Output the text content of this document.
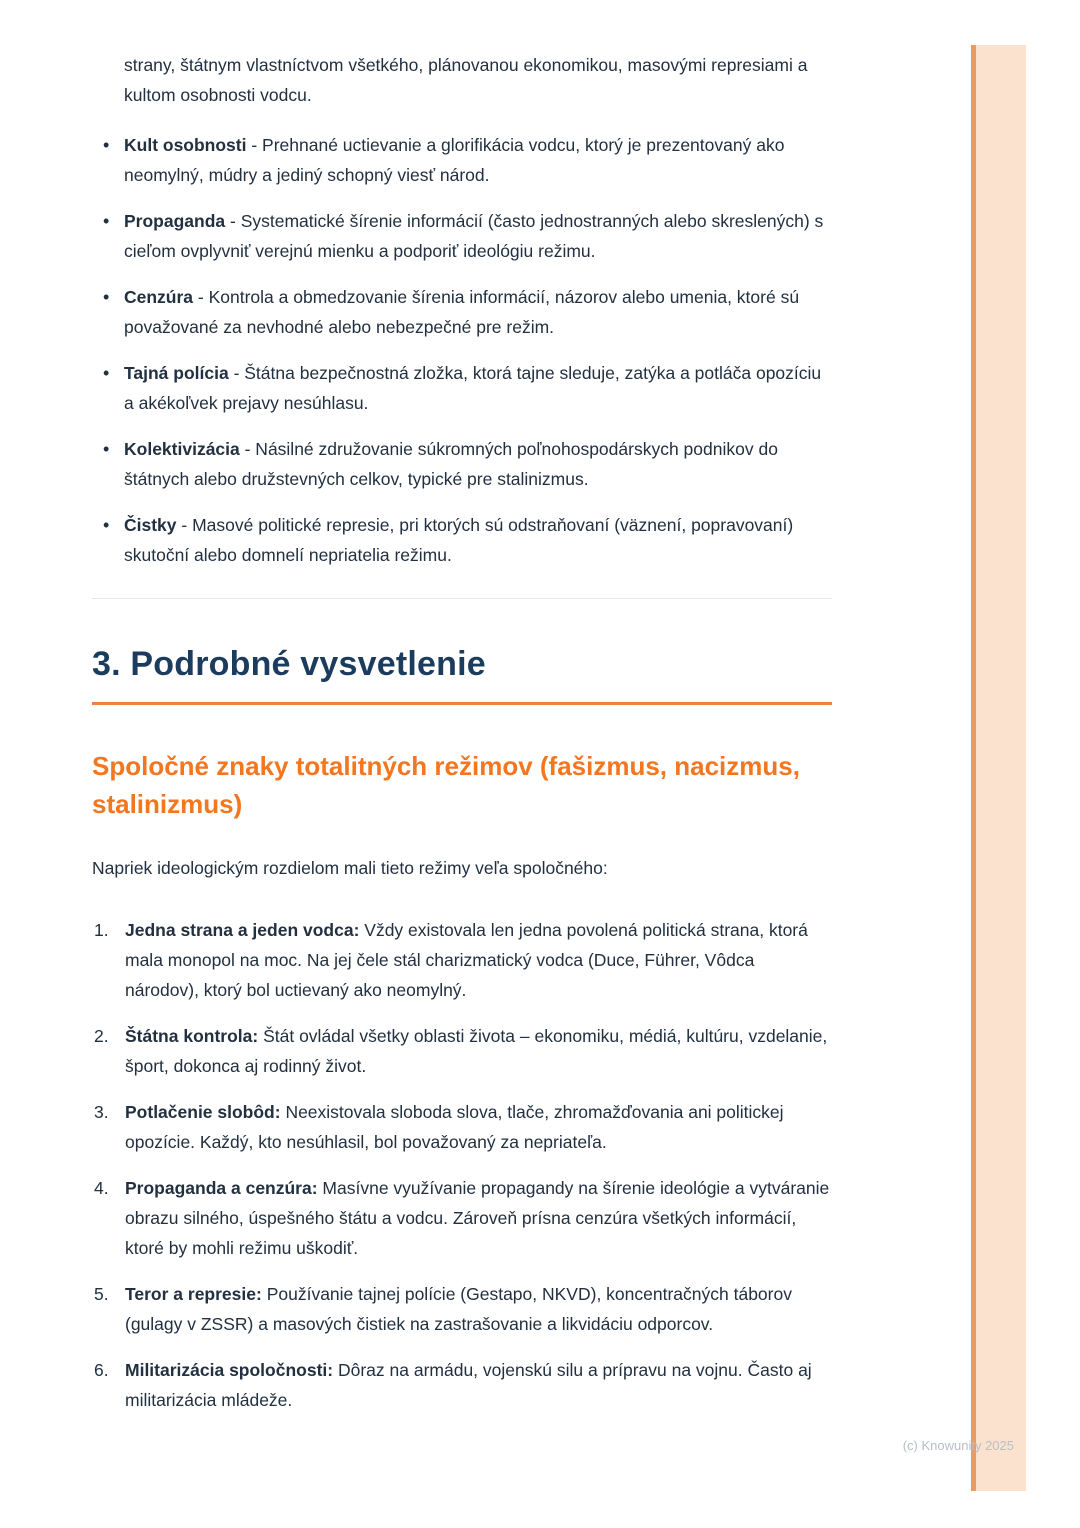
strany, štátnym vlastníctvom všetkého, plánovanou ekonomikou, masovými represiami a kultom osobnosti vodcu.

• Kult osobnosti - Prehnané uctievanie a glorifikácia vodcu, ktorý je prezentovaný ako neomylný, múdry a jediný schopný viesť národ.
• Propaganda - Systematické šírenie informácií (často jednostranných alebo skreslených) s cieľom ovplyvniť verejnú mienku a podporiť ideológiu režimu.
• Cenzúra - Kontrola a obmedzovanie šírenia informácií, názorov alebo umenia, ktoré sú považované za nevhodné alebo nebezpečné pre režim.
• Tajná polícia - Štátna bezpečnostná zložka, ktorá tajne sleduje, zatýka a potláča opozíciu a akékoľvek prejavy nesúhlasu.
• Kolektivizácia - Násilné združovanie súkromných poľnohospodárskych podnikov do štátnych alebo družstevných celkov, typické pre stalinizmus.
• Čistky - Masové politické represie, pri ktorých sú odstraňovaní (väznení, popravovaní) skutoční alebo domnelí nepriatelia režimu.
3. Podrobné vysvetlenie
Spoločné znaky totalitných režimov (fašizmus, nacizmus, stalinizmus)

Napriek ideologickým rozdielom mali tieto režimy veľa spoločného:

1. Jedna strana a jeden vodca: Vždy existovala len jedna povolená politická strana, ktorá mala monopol na moc. Na jej čele stál charizmatický vodca (Duce, Führer, Vôdca národov), ktorý bol uctievaný ako neomylný.
2. Štátna kontrola: Štát ovládal všetky oblasti života – ekonomiku, médiá, kultúru, vzdelanie, šport, dokonca aj rodinný život.
3. Potlačenie slobôd: Neexistovala sloboda slova, tlače, zhromažďovania ani politickej opozície. Každý, kto nesúhlasil, bol považovaný za nepriateľa.
4. Propaganda a cenzúra: Masívne využívanie propagandy na šírenie ideológie a vytváranie obrazu silného, úspešného štátu a vodcu. Zároveň prísna cenzúra všetkých informácií, ktoré by mohli režimu uškodiť.
5. Teror a represie: Používanie tajnej polície (Gestapo, NKVD), koncentračných táborov (gulagy v ZSSR) a masových čistiek na zastrašovanie a likvidáciu odporcov.
6. Militarizácia spoločnosti: Dôraz na armádu, vojenskú silu a prípravu na vojnu. Často aj militarizácia mládeže.
(c) Knowunity 2025
